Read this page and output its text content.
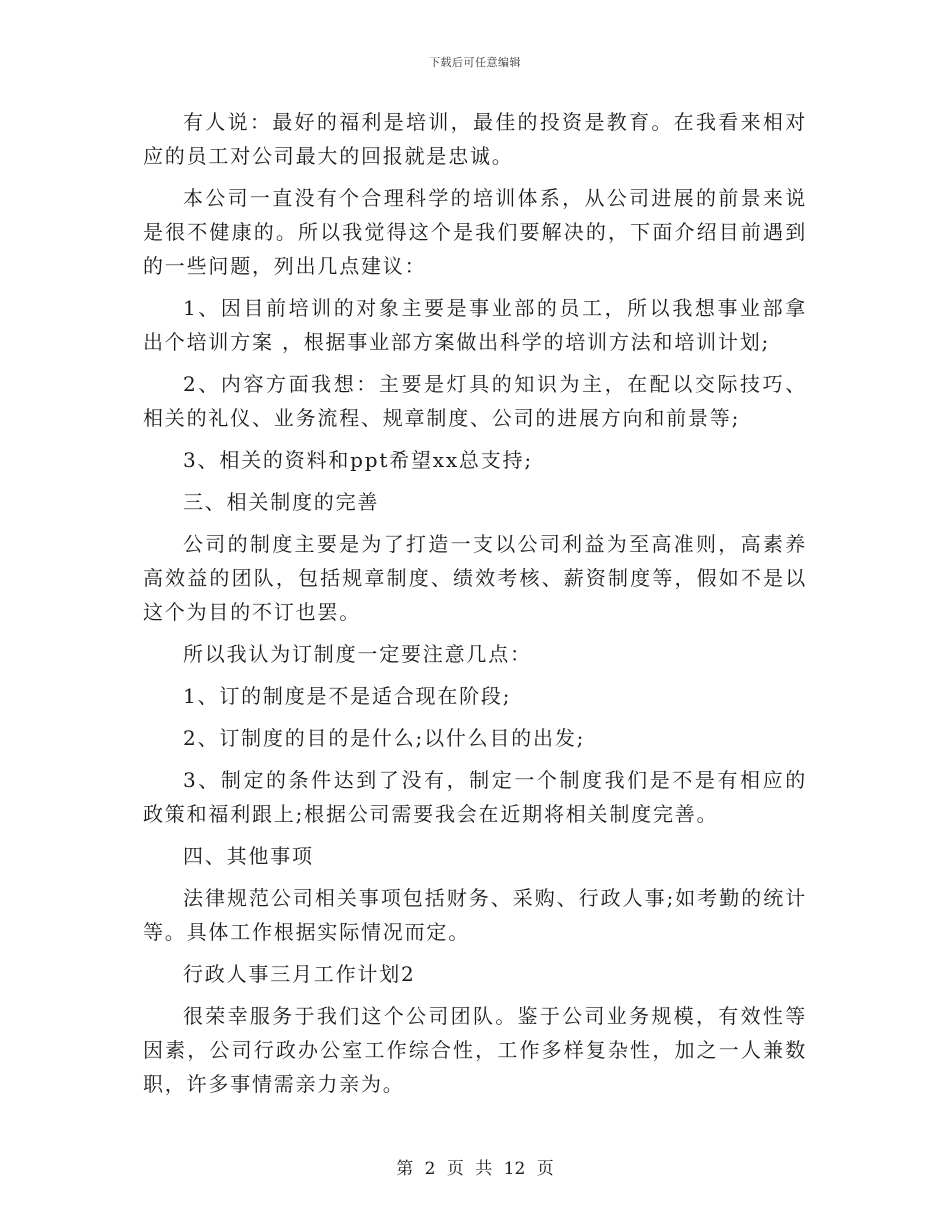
下载后可任意编辑

有人说：最好的福利是培训，最佳的投资是教育。在我看来相对应的员工对公司最大的回报就是忠诚。

本公司一直没有个合理科学的培训体系，从公司进展的前景来说是很不健康的。所以我觉得这个是我们要解决的，下面介绍目前遇到的一些问题，列出几点建议：

1、因目前培训的对象主要是事业部的员工，所以我想事业部拿出个培训方案 ，根据事业部方案做出科学的培训方法和培训计划;

2、内容方面我想：主要是灯具的知识为主，在配以交际技巧、相关的礼仪、业务流程、规章制度、公司的进展方向和前景等;

3、相关的资料和ppt希望xx总支持;

三、相关制度的完善

公司的制度主要是为了打造一支以公司利益为至高准则，高素养高效益的团队，包括规章制度、绩效考核、薪资制度等，假如不是以这个为目的不订也罢。

所以我认为订制度一定要注意几点：

1、订的制度是不是适合现在阶段;

2、订制度的目的是什么;以什么目的出发;

3、制定的条件达到了没有，制定一个制度我们是不是有相应的政策和福利跟上;根据公司需要我会在近期将相关制度完善。

四、其他事项

法律规范公司相关事项包括财务、采购、行政人事;如考勤的统计等。具体工作根据实际情况而定。

行政人事三月工作计划2

很荣幸服务于我们这个公司团队。鉴于公司业务规模，有效性等因素，公司行政办公室工作综合性，工作多样复杂性，加之一人兼数职，许多事情需亲力亲为。

第 2 页 共 12 页
